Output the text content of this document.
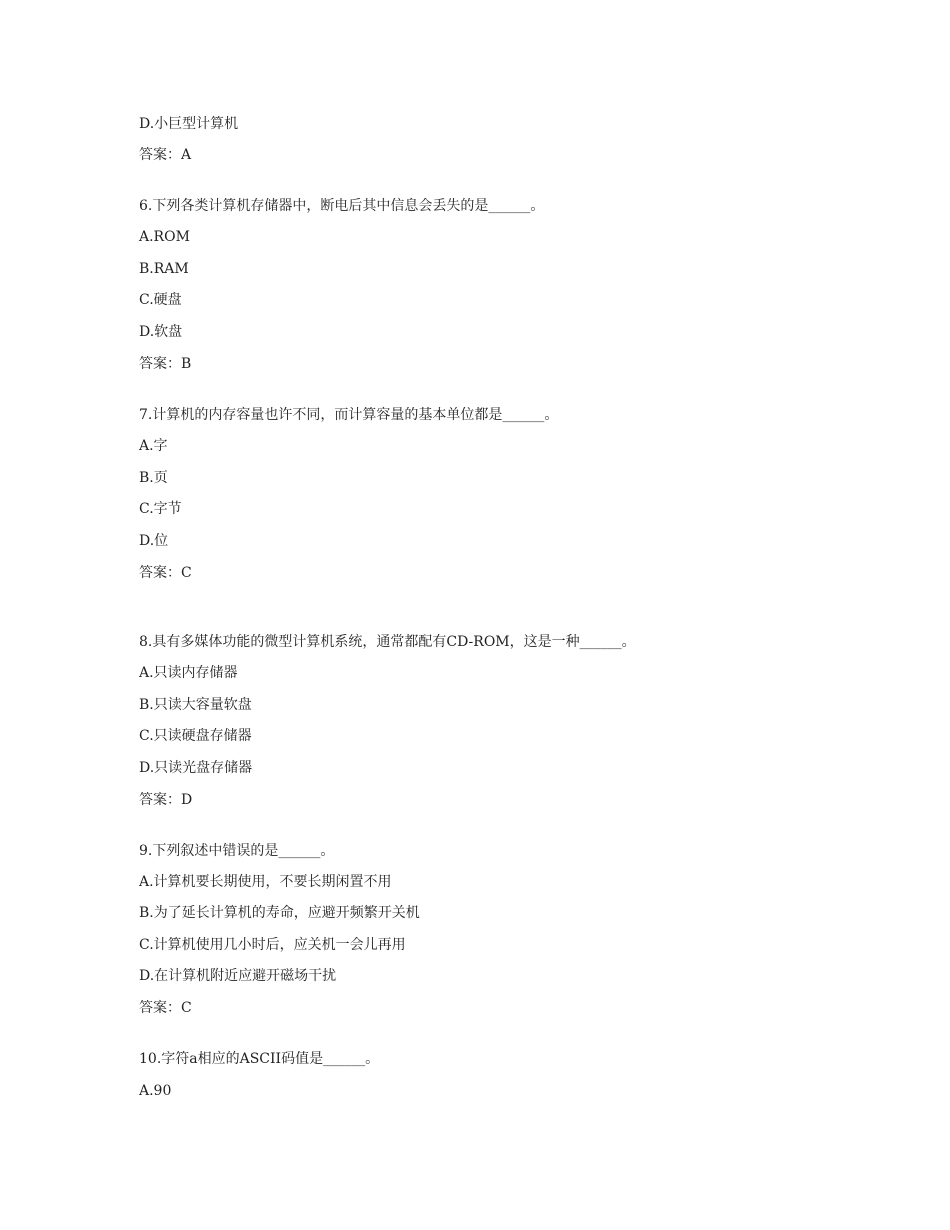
D.小巨型计算机
答案：A
6.下列各类计算机存储器中，断电后其中信息会丢失的是______。
A.ROM
B.RAM
C.硬盘
D.软盘
答案：B
7.计算机的内存容量也许不同，而计算容量的基本单位都是______。
A.字
B.页
C.字节
D.位
答案：C
8.具有多媒体功能的微型计算机系统，通常都配有CD-ROM，这是一种______。
A.只读内存储器
B.只读大容量软盘
C.只读硬盘存储器
D.只读光盘存储器
答案：D
9.下列叙述中错误的是______。
A.计算机要长期使用，不要长期闲置不用
B.为了延长计算机的寿命，应避开频繁开关机
C.计算机使用几小时后，应关机一会儿再用
D.在计算机附近应避开磁场干扰
答案：C
10.字符a相应的ASCII码值是______。
A.90
